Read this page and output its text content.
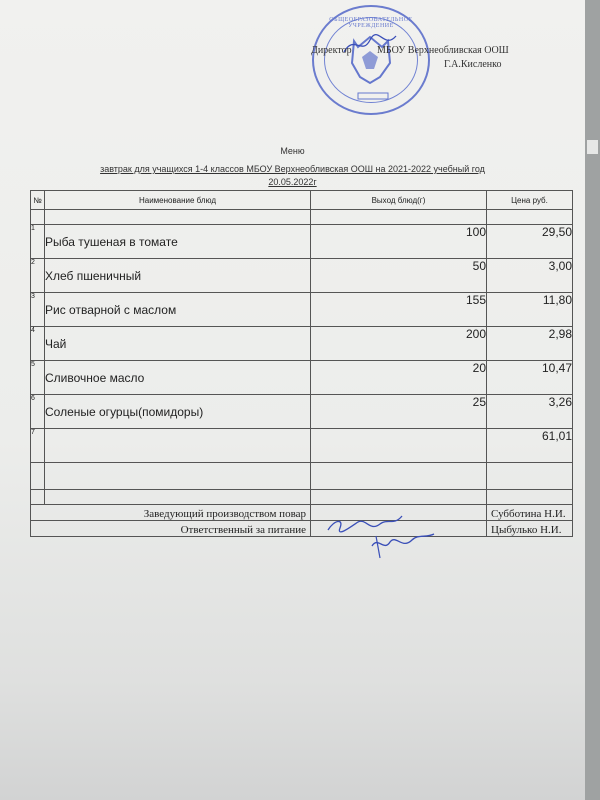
ОБЩЕОБРАЗОВАТЕЛЬНОЕ УЧРЕЖДЕНИЕ
Директор	МБОУ Верхнеобливская ООШ
Г.А.Кисленко
Меню
завтрак для учащихся 1-4 классов МБОУ Верхнеобливская ООШ на 2021-2022 учебный год
20.05.2022г
№	Наименование блюд	Выход блюд(г)	Цена руб.

1	Рыба тушеная в томате	100	29,50
2	Хлеб пшеничный	50	3,00
3	Рис отварной с маслом	155	11,80
4	Чай	200	2,98
5	Сливочное масло	20	10,47
6	Соленые огурцы(помидоры)	25	3,26
7			61,01

Заведующий производством повар			Субботина Н.И.
Ответственный за питание			Цыбулько Н.И.
